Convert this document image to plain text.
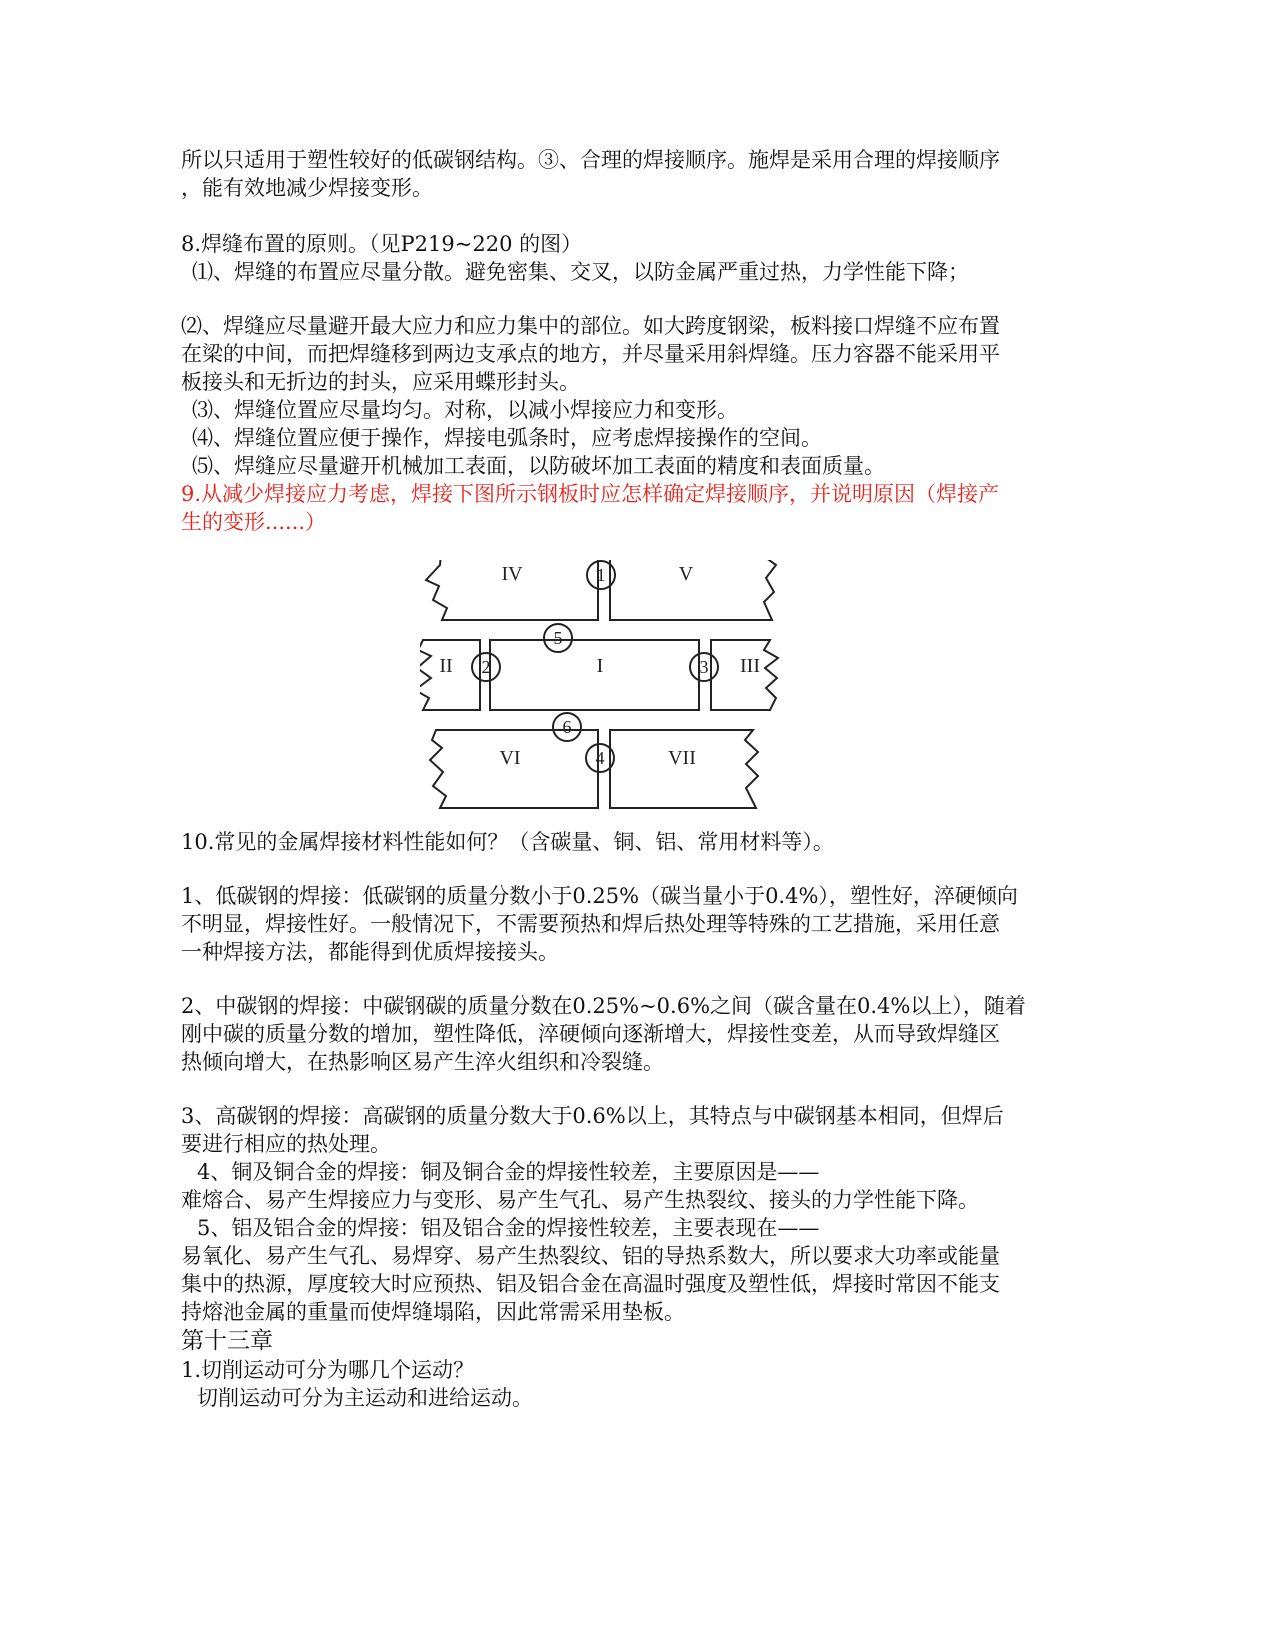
所以只适用于塑性较好的低碳钢结构。③、合理的焊接顺序。施焊是采用合理的焊接顺序
，能有效地减少焊接变形。
8.焊缝布置的原则。（见P219~220 的图）
⑴、焊缝的布置应尽量分散。避免密集、交叉，以防金属严重过热，力学性能下降；
⑵、焊缝应尽量避开最大应力和应力集中的部位。如大跨度钢梁，板料接口焊缝不应布置
在梁的中间，而把焊缝移到两边支承点的地方，并尽量采用斜焊缝。压力容器不能采用平
板接头和无折边的封头，应采用蝶形封头。
⑶、焊缝位置应尽量均匀。对称，以减小焊接应力和变形。
⑷、焊缝位置应便于操作，焊接电弧条时，应考虑焊接操作的空间。
⑸、焊缝应尽量避开机械加工表面，以防破坏加工表面的精度和表面质量。
9.从减少焊接应力考虑，焊接下图所示钢板时应怎样确定焊接顺序，并说明原因（焊接产
生的变形......）
IV	V
II	I	III
VI	VII
1
5
2	3
6
4
10.常见的金属焊接材料性能如何？（含碳量、铜、铝、常用材料等）。
1、低碳钢的焊接：低碳钢的质量分数小于0.25%（碳当量小于0.4%），塑性好，淬硬倾向
不明显，焊接性好。一般情况下，不需要预热和焊后热处理等特殊的工艺措施，采用任意
一种焊接方法，都能得到优质焊接接头。
2、中碳钢的焊接：中碳钢碳的质量分数在0.25%~0.6%之间（碳含量在0.4%以上），随着
刚中碳的质量分数的增加，塑性降低，淬硬倾向逐渐增大，焊接性变差，从而导致焊缝区
热倾向增大，在热影响区易产生淬火组织和冷裂缝。
3、高碳钢的焊接：高碳钢的质量分数大于0.6%以上，其特点与中碳钢基本相同，但焊后
要进行相应的热处理。
4、铜及铜合金的焊接：铜及铜合金的焊接性较差，主要原因是——
难熔合、易产生焊接应力与变形、易产生气孔、易产生热裂纹、接头的力学性能下降。
5、铝及铝合金的焊接：铝及铝合金的焊接性较差，主要表现在——
易氧化、易产生气孔、易焊穿、易产生热裂纹、铝的导热系数大，所以要求大功率或能量
集中的热源，厚度较大时应预热、铝及铝合金在高温时强度及塑性低，焊接时常因不能支
持熔池金属的重量而使焊缝塌陷，因此常需采用垫板。
第十三章
1.切削运动可分为哪几个运动？
切削运动可分为主运动和进给运动。
